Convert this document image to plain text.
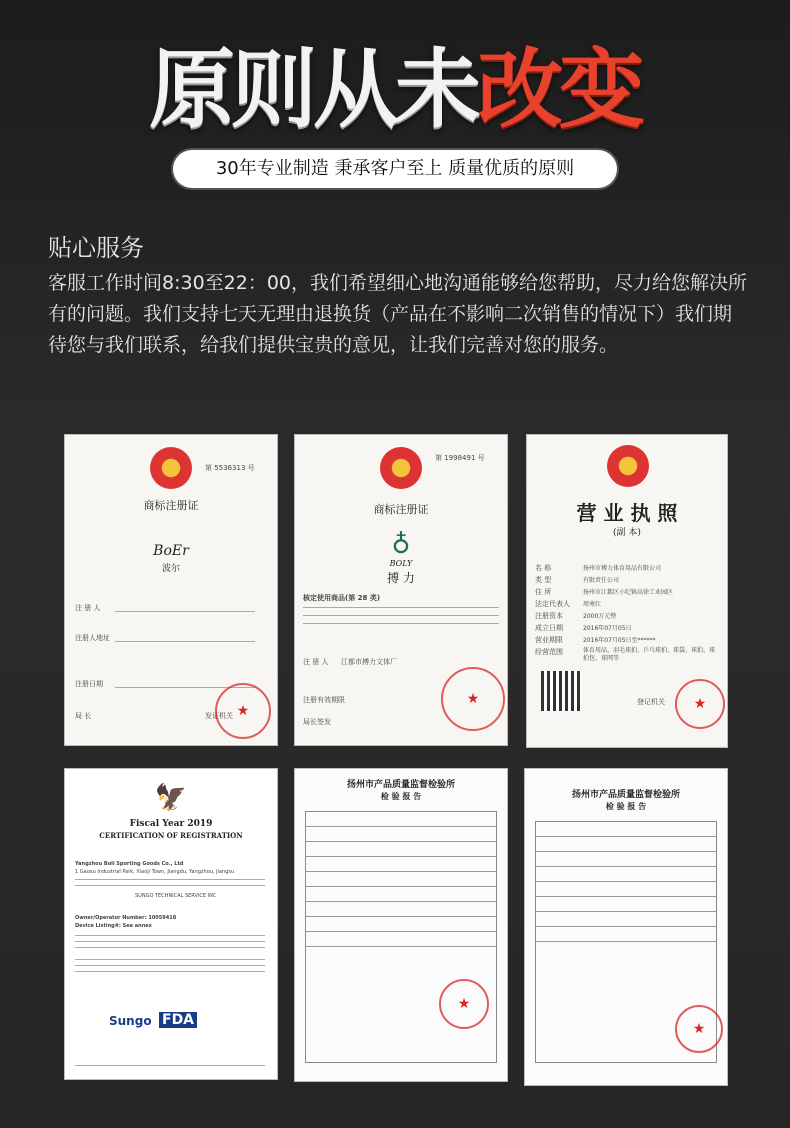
原则从未改变
30年专业制造 秉承客户至上 质量优质的原则
贴心服务
客服工作时间8:30至22：00，我们希望细心地沟通能够给您帮助，尽力给您解决所有的问题。我们支持七天无理由退换货（产品在不影响二次销售的情况下）我们期待您与我们联系，给我们提供宝贵的意见，让我们完善对您的服务。
第 5536313 号
商标注册证
BoEr
波尔
注 册 人
注册人地址
注册日期
局 长	发证机关 ★
第 1998491 号
商标注册证
♁
BOLY
搏 力
核定使用商品(第 28 类)
注 册 人 江都市搏力文体厂
注册有效期限
局长签发
★
营 业 执 照
(副 本)
名 称	扬州市搏力体育用品有限公司
类 型	有限责任公司
住 所	扬州市江都区小纪镇高徐工业园区
法定代表人 周寒红
注册资本	2000万元整
成立日期	2016年07月05日
营业期限	2016年07月05日至******
经营范围	体育用品、羽毛球拍、乒乓球拍、球袋、球拍、球拍包、球网等
登记机关 ★
🦅
Fiscal Year 2019
CERTIFICATION OF REGISTRATION
Yangzhou Boli Sporting Goods Co., Ltd
1 Gaoxu Industrial Park, Xiaoji Town, Jiangdu, Yangzhou, Jiangsu
SUNGO TECHNICAL SERVICE INC
Owner/Operator Number: 10059418
Device Listing#: See annex
Sungo FDA
扬州市产品质量监督检验所
检 验 报 告
★
扬州市产品质量监督检验所
检 验 报 告
★
